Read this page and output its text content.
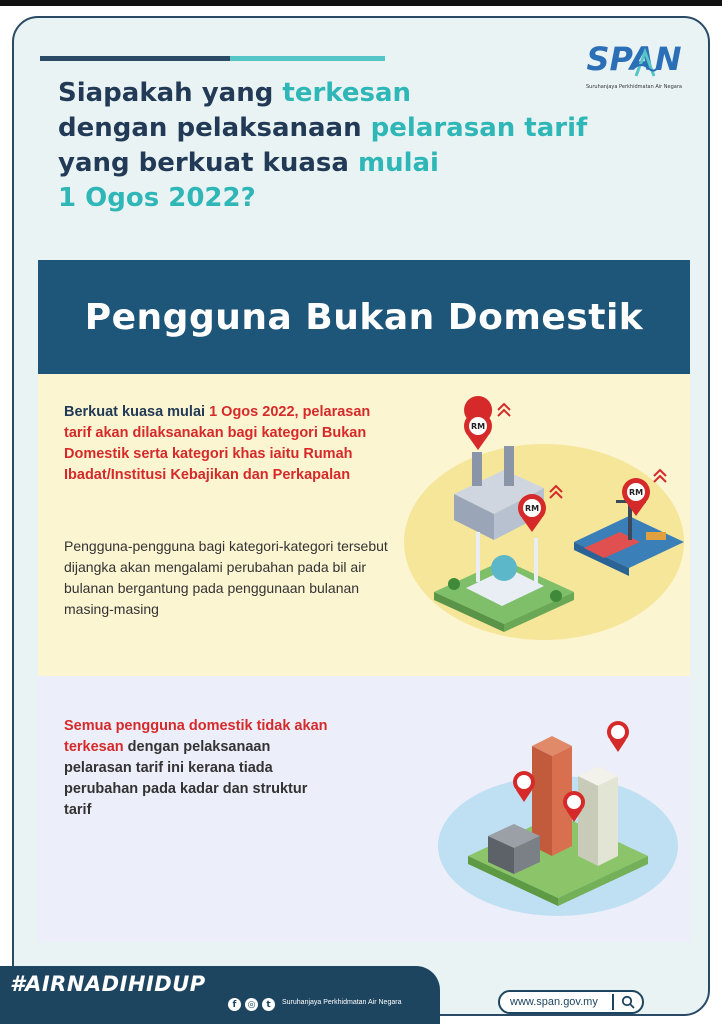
SPAN
Suruhanjaya Perkhidmatan Air Negara
Siapakah yang terkesan
dengan pelaksanaan pelarasan tarif
yang berkuat kuasa mulai
1 Ogos 2022?
Pengguna Bukan Domestik
Berkuat kuasa mulai 1 Ogos 2022, pelarasan tarif akan dilaksanakan bagi kategori Bukan Domestik serta kategori khas iaitu Rumah Ibadat/Institusi Kebajikan dan Perkapalan
Pengguna-pengguna bagi kategori-kategori tersebut dijangka akan mengalami perubahan pada bil air bulanan bergantung pada penggunaan bulanan masing-masing
RM
RM
RM
Semua pengguna domestik tidak akan terkesan dengan pelaksanaan pelarasan tarif ini kerana tiada perubahan pada kadar dan struktur tarif
#AIRNADIHIDUP
f	◎	t	Suruhanjaya Perkhidmatan Air Negara	www.span.gov.my
